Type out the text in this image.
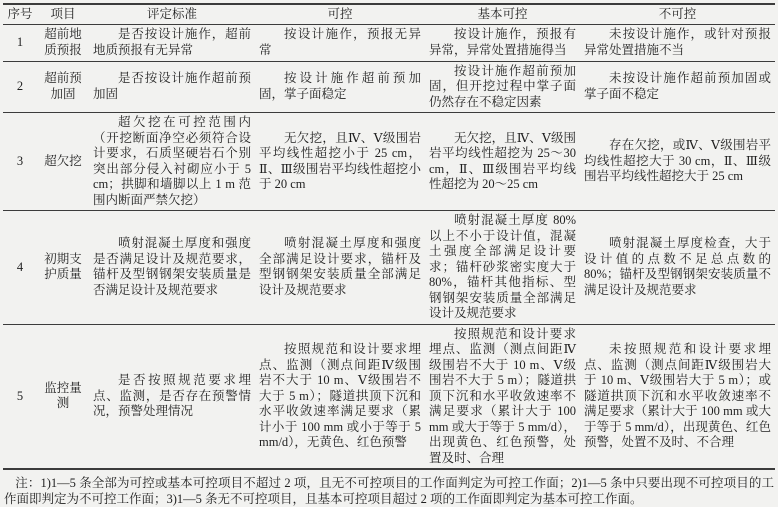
序号	项目	评定标准	可控	基本可控	不可控
1	超前地质预报	是否按设计施作，超前地质预报有无异常	按设计施作，预报无异常	按设计施作，预报有异常，异常处置措施得当	未按设计施作，或针对预报异常处置措施不当
2	超前预加固	是否按设计施作超前预加固	按设计施作超前预加固，掌子面稳定	按设计施作超前预加固，但开挖过程中掌子面仍然存在不稳定因素	未按设计施作超前预加固或掌子面不稳定
3	超欠挖	超欠挖在可控范围内（开挖断面净空必须符合设计要求，石质坚硬岩石个别突出部分侵入衬砌应小于 5 cm；拱脚和墙脚以上 1 m 范围内断面严禁欠挖）	无欠挖，且Ⅳ、Ⅴ级围岩平均线性超挖小于 25 cm，Ⅱ、Ⅲ级围岩平均线性超挖小于 20 cm	无欠挖，且Ⅳ、Ⅴ级围岩平均线性超挖为 25～30 cm，Ⅱ、Ⅲ级围岩平均线性超挖为 20～25 cm	存在欠挖，或Ⅳ、Ⅴ级围岩平均线性超挖大于 30 cm，Ⅱ、Ⅲ级围岩平均线性超挖大于 25 cm
4	初期支护质量	喷射混凝土厚度和强度是否满足设计及规范要求，锚杆及型钢钢架安装质量是否满足设计及规范要求	喷射混凝土厚度和强度全部满足设计要求，锚杆及型钢钢架安装质量全部满足设计及规范要求	喷射混凝土厚度 80% 以上不小于设计值，混凝土强度全部满足设计要求；锚杆砂浆密实度大于 80%，锚杆其他指标、型钢钢架安装质量全部满足设计及规范要求	喷射混凝土厚度检查，大于设计值的点数不足总点数的 80%；锚杆及型钢钢架安装质量不满足设计及规范要求
5	监控量测	是否按照规范要求埋点、监测，是否存在预警情况，预警处理情况	按照规范和设计要求埋点、监测（测点间距Ⅳ级围岩不大于 10 m、Ⅴ级围岩不大于 5 m）；隧道拱顶下沉和水平收敛速率满足要求（累计小于 100 mm 或小于等于 5 mm/d），无黄色、红色预警	按照规范和设计要求埋点、监测（测点间距Ⅳ级围岩不大于 10 m、Ⅴ级围岩不大于 5 m）；隧道拱顶下沉和水平收敛速率不满足要求（累计大于 100 mm 或大于等于 5 mm/d），出现黄色、红色预警，处置及时、合理	未按照规范和设计要求埋点、监测（测点间距Ⅳ级围岩大于 10 m、Ⅴ级围岩大于 5 m）；或隧道拱顶下沉和水平收敛速率不满足要求（累计大于 100 mm 或大于等于 5 mm/d），出现黄色、红色预警，处置不及时、不合理

注：1)1—5 条全部为可控或基本可控项目不超过 2 项，且无不可控项目的工作面判定为可控工作面；2)1—5 条中只要出现不可控项目的工作面即判定为不可控工作面；3)1—5 条无不可控项目，且基本可控项目超过 2 项的工作面即判定为基本可控工作面。
